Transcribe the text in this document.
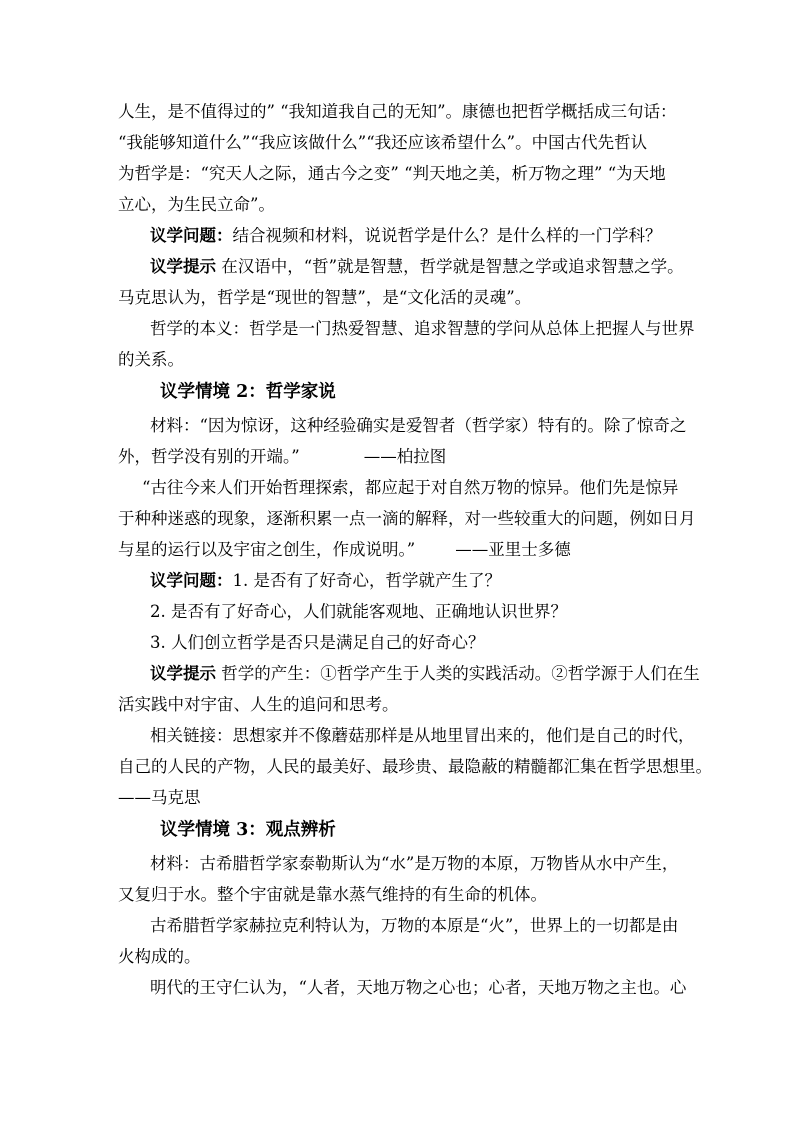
人生，是不值得过的” “我知道我自己的无知”。康德也把哲学概括成三句话：
“我能够知道什么”“我应该做什么”“我还应该希望什么”。中国古代先哲认
为哲学是：“究天人之际，通古今之变” “判天地之美，析万物之理” “为天地
立心，为生民立命”。
议学问题：结合视频和材料，说说哲学是什么？是什么样的一门学科？
议学提示 在汉语中，“哲”就是智慧，哲学就是智慧之学或追求智慧之学。
马克思认为，哲学是“现世的智慧”，是“文化活的灵魂”。
哲学的本义：哲学是一门热爱智慧、追求智慧的学问从总体上把握人与世界
的关系。
议学情境 2：哲学家说
材料：“因为惊讶，这种经验确实是爱智者（哲学家）特有的。除了惊奇之
外，哲学没有别的开端。”	——柏拉图
“古往今来人们开始哲理探索，都应起于对自然万物的惊异。他们先是惊异
于种种迷惑的现象，逐渐积累一点一滴的解释，对一些较重大的问题，例如日月
与星的运行以及宇宙之创生，作成说明。” ——亚里士多德
议学问题：1. 是否有了好奇心，哲学就产生了？
2. 是否有了好奇心，人们就能客观地、正确地认识世界？
3. 人们创立哲学是否只是满足自己的好奇心？
议学提示 哲学的产生：①哲学产生于人类的实践活动。②哲学源于人们在生
活实践中对宇宙、人生的追问和思考。
相关链接：思想家并不像蘑菇那样是从地里冒出来的，他们是自己的时代，
自己的人民的产物，人民的最美好、最珍贵、最隐蔽的精髓都汇集在哲学思想里。
——马克思
议学情境 3：观点辨析
材料：古希腊哲学家泰勒斯认为“水”是万物的本原，万物皆从水中产生，
又复归于水。整个宇宙就是靠水蒸气维持的有生命的机体。
古希腊哲学家赫拉克利特认为，万物的本原是“火”，世界上的一切都是由
火构成的。
明代的王守仁认为，“人者，天地万物之心也；心者，天地万物之主也。心
